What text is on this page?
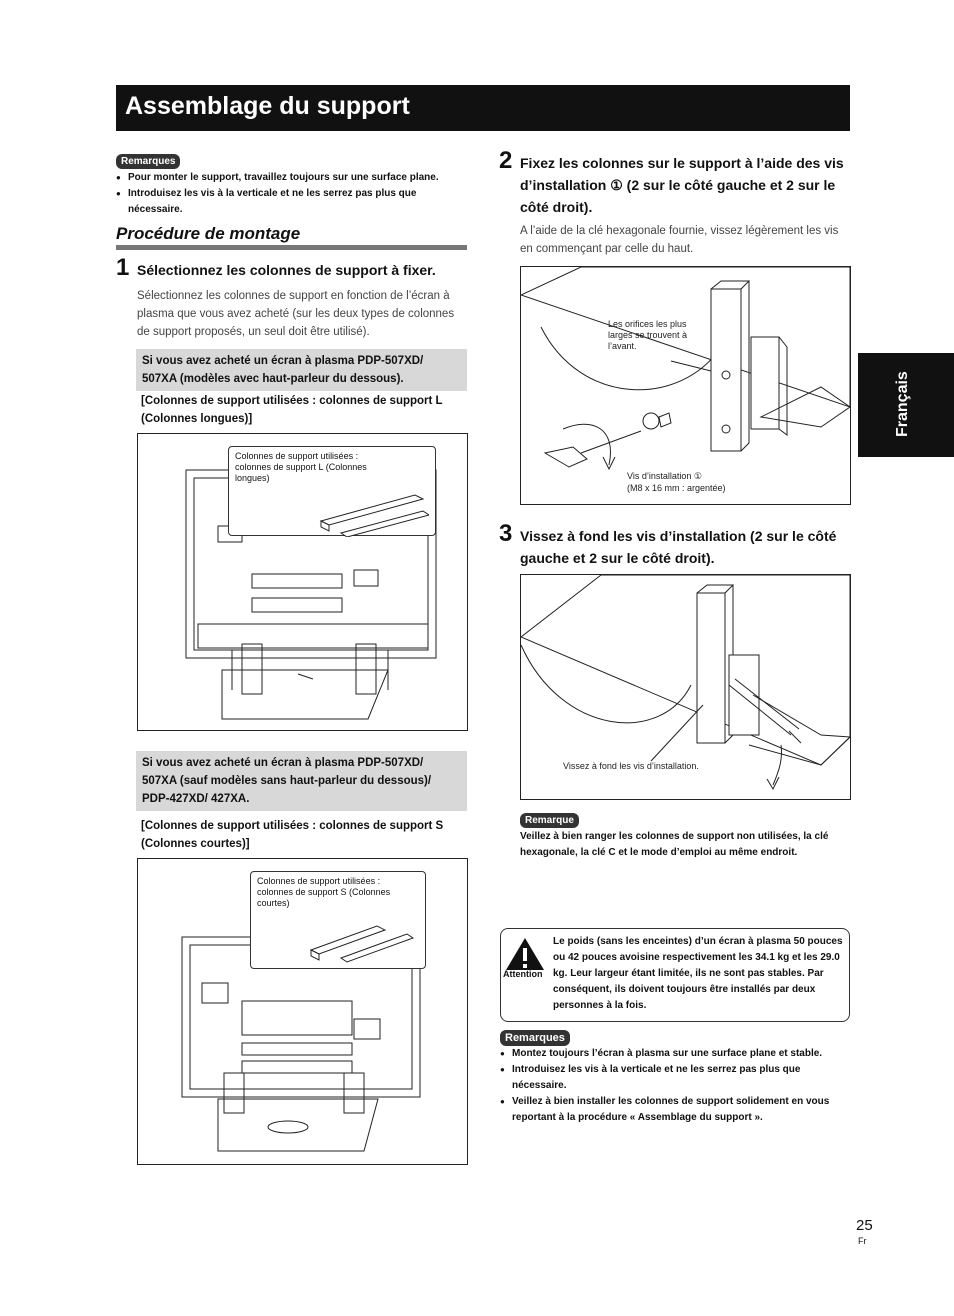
Assemblage du support
Français
Remarques
● Pour monter le support, travaillez toujours sur une surface plane.
● Introduisez les vis à la verticale et ne les serrez pas plus que nécessaire.
Procédure de montage
1 Sélectionnez les colonnes de support à fixer.
Sélectionnez les colonnes de support en fonction de l’écran à plasma que vous avez acheté (sur les deux types de colonnes de support proposés, un seul doit être utilisé).
Si vous avez acheté un écran à plasma PDP-507XD/ 507XA (modèles avec haut-parleur du dessous).
[Colonnes de support utilisées : colonnes de support L (Colonnes longues)]
Colonnes de support utilisées : colonnes de support L (Colonnes longues)
Si vous avez acheté un écran à plasma PDP-507XD/ 507XA (sauf modèles sans haut-parleur du dessous)/ PDP-427XD/ 427XA.
[Colonnes de support utilisées : colonnes de support S (Colonnes courtes)]
Colonnes de support utilisées : colonnes de support S (Colonnes courtes)
2 Fixez les colonnes sur le support à l’aide des vis d’installation ① (2 sur le côté gauche et 2 sur le côté droit).
A l’aide de la clé hexagonale fournie, vissez légèrement les vis en commençant par celle du haut.
Les orifices les plus larges se trouvent à l’avant.
Vis d’installation ①
(M8 x 16 mm : argentée)
3 Vissez à fond les vis d’installation (2 sur le côté gauche et 2 sur le côté droit).
Vissez à fond les vis d’installation.
Remarque
Veillez à bien ranger les colonnes de support non utilisées, la clé hexagonale, la clé C et le mode d’emploi au même endroit.
Attention
Le poids (sans les enceintes) d’un écran à plasma 50 pouces ou 42 pouces avoisine respectivement les 34.1 kg et les 29.0 kg. Leur largeur étant limitée, ils ne sont pas stables. Par conséquent, ils doivent toujours être installés par deux personnes à la fois.
Remarques
● Montez toujours l’écran à plasma sur une surface plane et stable.
● Introduisez les vis à la verticale et ne les serrez pas plus que nécessaire.
● Veillez à bien installer les colonnes de support solidement en vous reportant à la procédure « Assemblage du support ».
25
Fr
